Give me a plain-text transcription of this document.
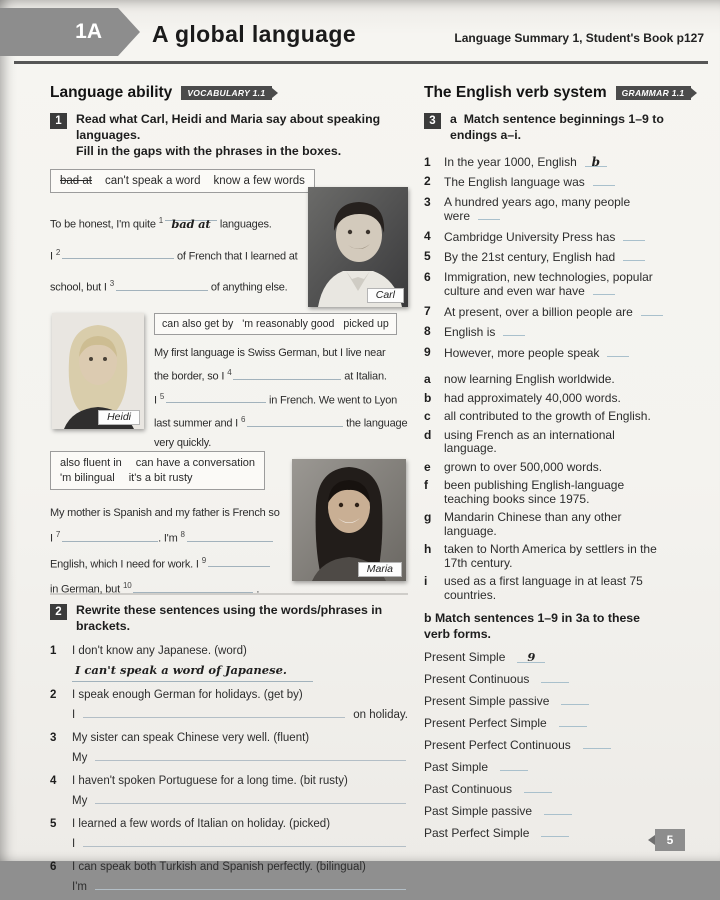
1A A global language	Language Summary 1, Student's Book p127
Language ability	VOCABULARY 1.1
1	Read what Carl, Heidi and Maria say about speaking languages.
Fill in the gaps with the phrases in the boxes.
bad at can't speak a word know a few words
Carl
To be honest, I'm quite $^1$ bad at languages.
I $^2$	of French that I learned at
school, but I $^3$	of anything else.
Heidi
can also get by 'm reasonably good picked up
My first language is Swiss German, but I live near
the border, so I $^4$	at Italian.
I $^5$	in French. We went to Lyon
last summer and I $^6$	the language
very quickly.
also fluent in can have a conversation
'm bilingual it's a bit rusty
Maria
My mother is Spanish and my father is French so
I $^7$	. I'm $^8$
English, which I need for work. I $^9$
in German, but $^{10}$	.
2	Rewrite these sentences using the words/phrases in brackets.
1	I don't know any Japanese. (word)
I can't speak a word of Japanese.
2	I speak enough German for holidays. (get by)
I	on holiday.
3	My sister can speak Chinese very well. (fluent)
My
4	I haven't spoken Portuguese for a long time. (bit rusty)
My
5	I learned a few words of Italian on holiday. (picked)
I
6	I can speak both Turkish and Spanish perfectly. (bilingual)
I'm
The English verb system	GRAMMAR 1.1
3	a Match sentence beginnings 1–9 to
endings a–i.
1	In the year 1000, English b
2	The English language was
3	A hundred years ago, many people
were
4	Cambridge University Press has
5	By the 21st century, English had
6	Immigration, new technologies, popular
culture and even war have
7	At present, over a billion people are
8	English is
9	However, more people speak
a	now learning English worldwide.
b	had approximately 40,000 words.
c	all contributed to the growth of English.
d	using French as an international
language.
e	grown to over 500,000 words.
f	been publishing English-language
teaching books since 1975.
g	Mandarin Chinese than any other
language.
h	taken to North America by settlers in the
17th century.
i	used as a first language in at least 75
countries.
b Match sentences 1–9 in 3a to these
verb forms.
Present Simple	9
Present Continuous
Present Simple passive
Present Perfect Simple
Present Perfect Continuous
Past Simple
Past Continuous
Past Simple passive
Past Perfect Simple	5
